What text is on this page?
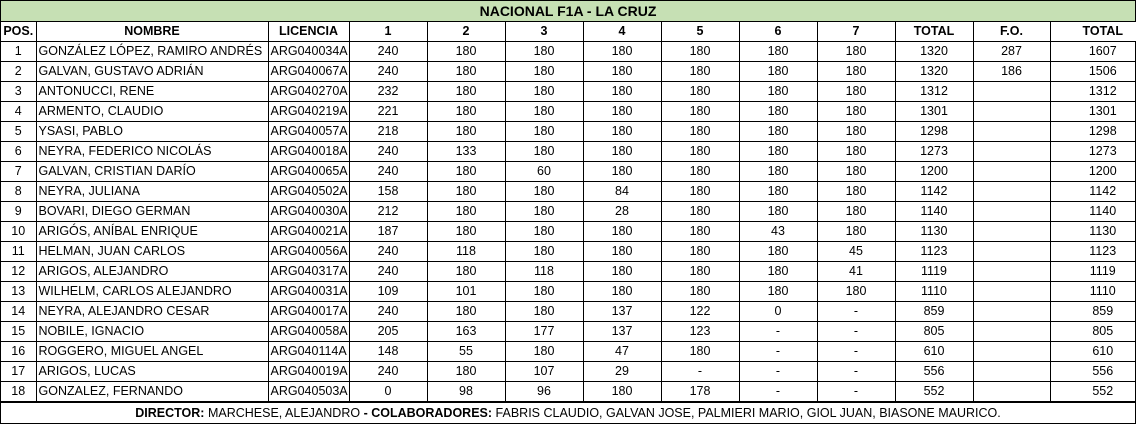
NACIONAL F1A - LA CRUZ
POS.	NOMBRE	LICENCIA	1	2	3	4	5	6	7	TOTAL	F.O.	TOTAL
1	GONZÁLEZ LÓPEZ, RAMIRO ANDRÉS	ARG040034A	240	180	180	180	180	180	180	1320	287	1607
2	GALVAN, GUSTAVO ADRIÁN	ARG040067A	240	180	180	180	180	180	180	1320	186	1506
3	ANTONUCCI, RENE	ARG040270A	232	180	180	180	180	180	180	1312		1312
4	ARMENTO, CLAUDIO	ARG040219A	221	180	180	180	180	180	180	1301		1301
5	YSASI, PABLO	ARG040057A	218	180	180	180	180	180	180	1298		1298
6	NEYRA, FEDERICO NICOLÁS	ARG040018A	240	133	180	180	180	180	180	1273		1273
7	GALVAN, CRISTIAN DARÍO	ARG040065A	240	180	60	180	180	180	180	1200		1200
8	NEYRA, JULIANA	ARG040502A	158	180	180	84	180	180	180	1142		1142
9	BOVARI, DIEGO GERMAN	ARG040030A	212	180	180	28	180	180	180	1140		1140
10	ARIGÓS, ANÍBAL ENRIQUE	ARG040021A	187	180	180	180	180	43	180	1130		1130
11	HELMAN, JUAN CARLOS	ARG040056A	240	118	180	180	180	180	45	1123		1123
12	ARIGOS, ALEJANDRO	ARG040317A	240	180	118	180	180	180	41	1119		1119
13	WILHELM, CARLOS ALEJANDRO	ARG040031A	109	101	180	180	180	180	180	1110		1110
14	NEYRA, ALEJANDRO CESAR	ARG040017A	240	180	180	137	122	0	-	859		859
15	NOBILE, IGNACIO	ARG040058A	205	163	177	137	123	-	-	805		805
16	ROGGERO, MIGUEL ANGEL	ARG040114A	148	55	180	47	180	-	-	610		610
17	ARIGOS, LUCAS	ARG040019A	240	180	107	29	-	-	-	556		556
18	GONZALEZ, FERNANDO	ARG040503A	0	98	96	180	178	-	-	552		552
DIRECTOR: MARCHESE, ALEJANDRO - COLABORADORES: FABRIS CLAUDIO, GALVAN JOSE, PALMIERI MARIO, GIOL JUAN, BIASONE MAURICO.
